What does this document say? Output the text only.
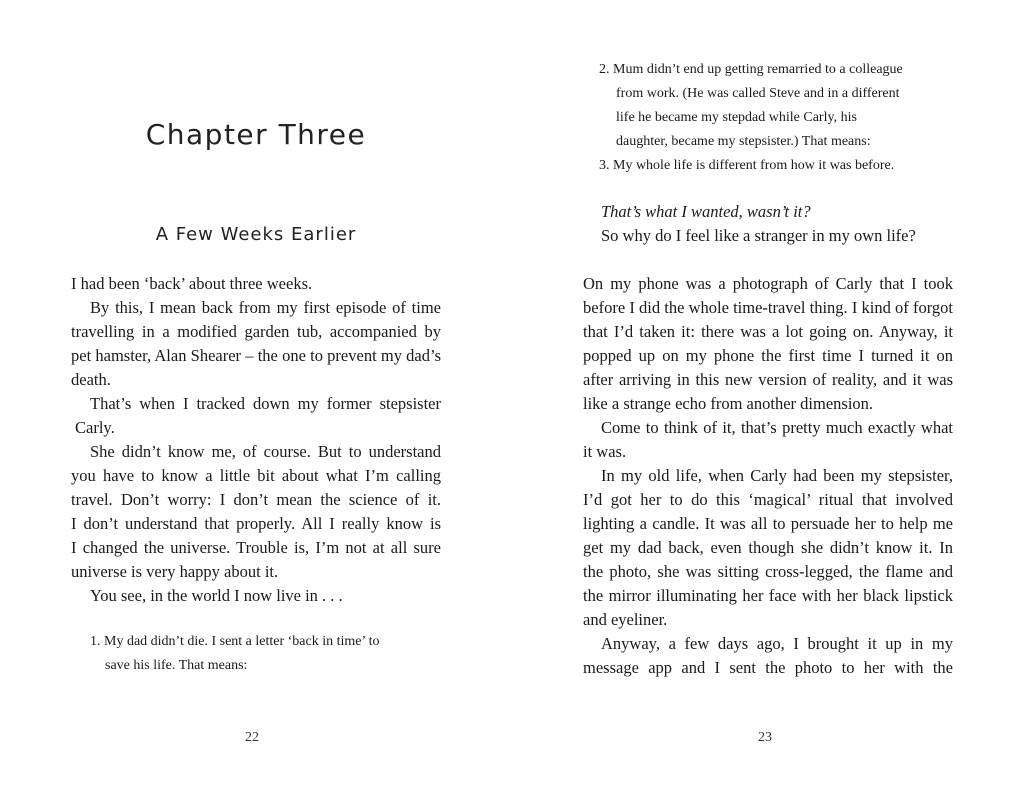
Chapter Three
A Few Weeks Earlier
I had been ‘back’ about three weeks.
By this, I mean back from my first episode of time
travelling in a modified garden tub, accompanied by
pet hamster, Alan Shearer – the one to prevent my dad’s
death.
That’s when I tracked down my former stepsister
Carly.
She didn’t know me, of course. But to understand
you have to know a little bit about what I’m calling
travel. Don’t worry: I don’t mean the science of it.
I don’t understand that properly. All I really know is
I changed the universe. Trouble is, I’m not at all sure
universe is very happy about it.
You see, in the world I now live in . . .
1. My dad didn’t die. I sent a letter ‘back in time’ to
save his life. That means:
22
2. Mum didn’t end up getting remarried to a colleague
from work. (He was called Steve and in a different
life he became my stepdad while Carly, his
daughter, became my stepsister.) That means:
3. My whole life is different from how it was before.
That’s what I wanted, wasn’t it?
So why do I feel like a stranger in my own life?
On my phone was a photograph of Carly that I took
before I did the whole time-travel thing. I kind of forgot
that I’d taken it: there was a lot going on. Anyway, it
popped up on my phone the first time I turned it on
after arriving in this new version of reality, and it was
like a strange echo from another dimension.
Come to think of it, that’s pretty much exactly what
it was.
In my old life, when Carly had been my stepsister,
I’d got her to do this ‘magical’ ritual that involved
lighting a candle. It was all to persuade her to help me
get my dad back, even though she didn’t know it. In
the photo, she was sitting cross-legged, the flame and
the mirror illuminating her face with her black lipstick
and eyeliner.
Anyway, a few days ago, I brought it up in my
message app and I sent the photo to her with the
23
